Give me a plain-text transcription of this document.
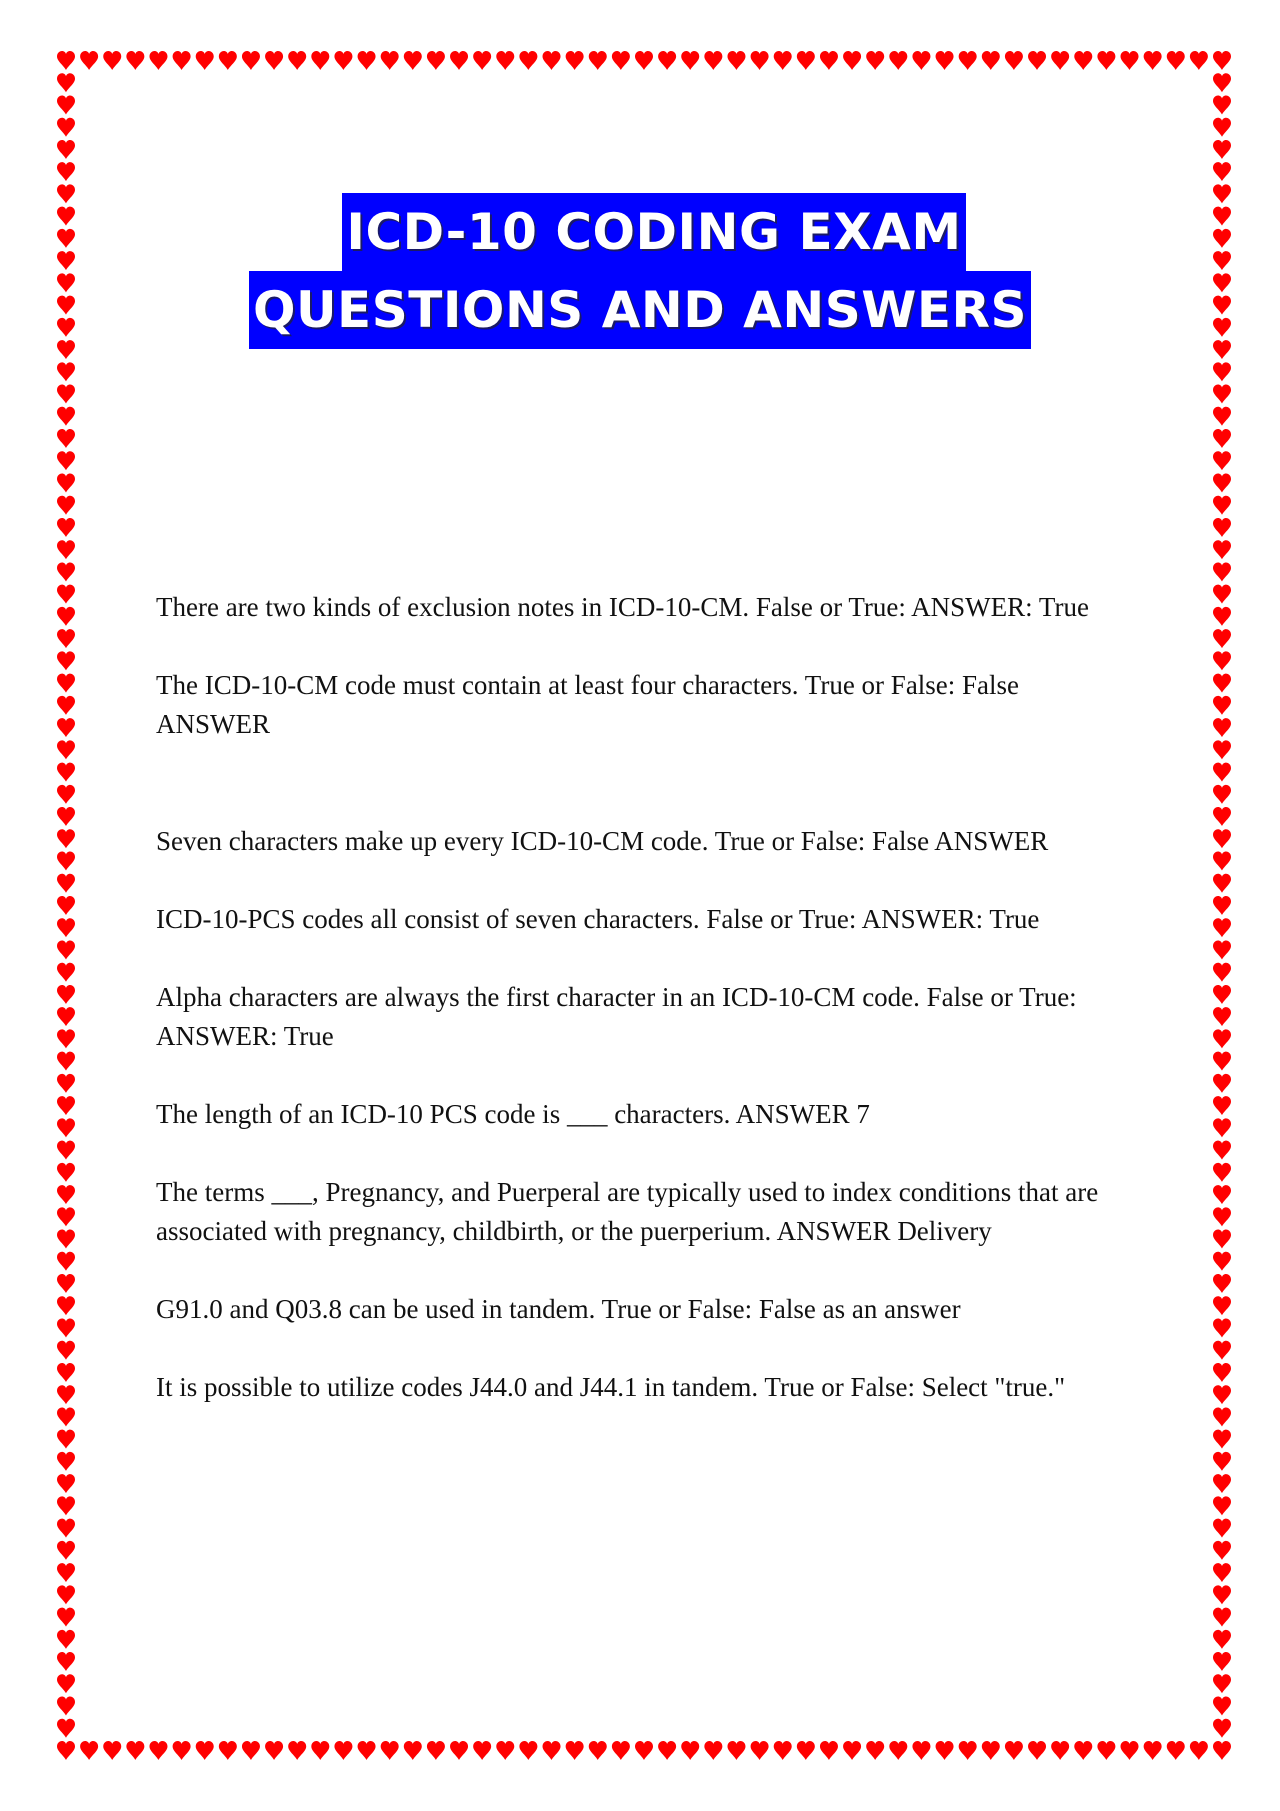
ICD-10 CODING EXAM
QUESTIONS AND ANSWERS

There are two kinds of exclusion notes in ICD-10-CM. False or True: ANSWER: True

The ICD-10-CM code must contain at least four characters. True or False: False ANSWER

Seven characters make up every ICD-10-CM code. True or False: False ANSWER

ICD-10-PCS codes all consist of seven characters. False or True: ANSWER: True

Alpha characters are always the first character in an ICD-10-CM code. False or True: ANSWER: True

The length of an ICD-10 PCS code is ___ characters. ANSWER 7

The terms ___, Pregnancy, and Puerperal are typically used to index conditions that are associated with pregnancy, childbirth, or the puerperium. ANSWER Delivery

G91.0 and Q03.8 can be used in tandem. True or False: False as an answer

It is possible to utilize codes J44.0 and J44.1 in tandem. True or False: Select "true."
